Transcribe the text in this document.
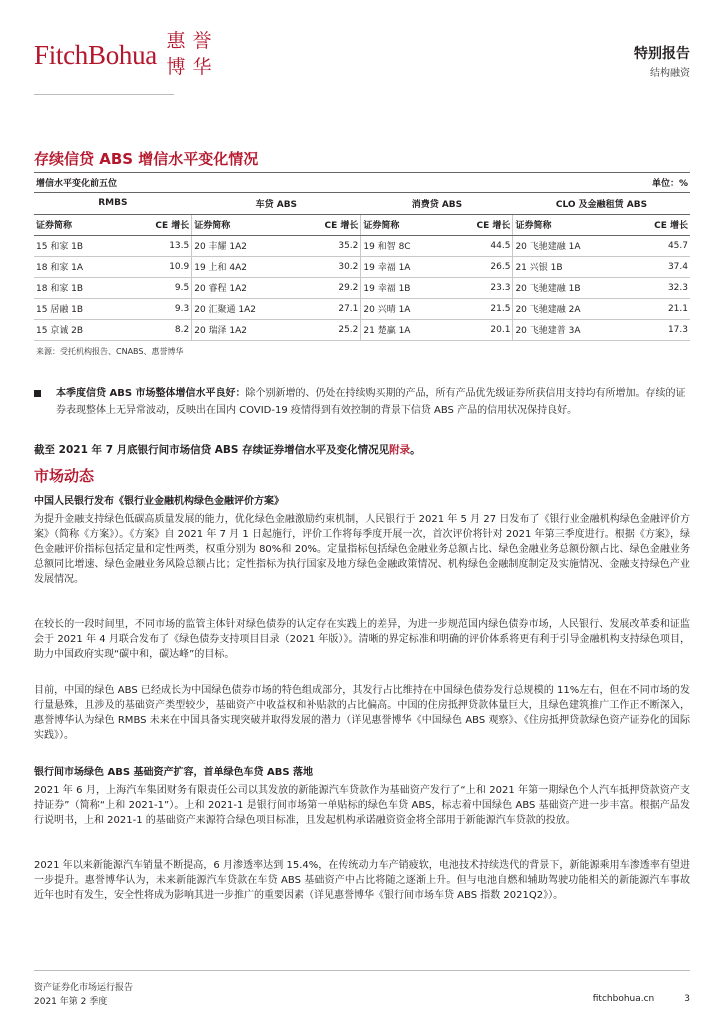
FitchBohua 惠 誉
博 华
特别报告
结构融资
存续信贷 ABS 增信水平变化情况
增信水平变化前五位	单位：%
RMBS		车贷 ABS		消费贷 ABS		CLO 及金融租赁 ABS	
证券简称	CE 增长	证券简称	CE 增长	证券简称	CE 增长	证券简称	CE 增长
15 和家 1B	13.5	20 丰耀 1A2	35.2	19 和智 8C	44.5	20 飞驰建融 1A	45.7
18 和家 1A	10.9	19 上和 4A2	30.2	19 幸福 1A	26.5	21 兴银 1B	37.4
18 和家 1B	9.5	20 睿程 1A2	29.2	19 幸福 1B	23.3	20 飞驰建融 1B	32.3
15 居融 1B	9.3	20 汇聚通 1A2	27.1	20 兴晴 1A	21.5	20 飞驰建融 2A	21.1
15 京诚 2B	8.2	20 瑞泽 1A2	25.2	21 楚赢 1A	20.1	20 飞驰建普 3A	17.3
来源：受托机构报告、CNABS、惠誉博华

本季度信贷 ABS 市场整体增信水平良好：除个别新增的、仍处在持续购买期的产品，所有产品优先级证券所获信用支持均有所增加。存续的证券表现整体上无异常波动，反映出在国内 COVID-19 疫情得到有效控制的背景下信贷 ABS 产品的信用状况保持良好。

截至 2021 年 7 月底银行间市场信贷 ABS 存续证券增信水平及变化情况见附录。
市场动态
中国人民银行发布《银行业金融机构绿色金融评价方案》
为提升金融支持绿色低碳高质量发展的能力，优化绿色金融激励约束机制，人民银行于 2021 年 5 月 27 日发布了《银行业金融机构绿色金融评价方案》（简称《方案》）。《方案》自 2021 年 7 月 1 日起施行，评价工作将每季度开展一次，首次评价将针对 2021 年第三季度进行。根据《方案》，绿色金融评价指标包括定量和定性两类，权重分别为 80%和 20%。定量指标包括绿色金融业务总额占比、绿色金融业务总额份额占比、绿色金融业务总额同比增速、绿色金融业务风险总额占比；定性指标为执行国家及地方绿色金融政策情况、机构绿色金融制度制定及实施情况、金融支持绿色产业发展情况。
在较长的一段时间里，不同市场的监管主体针对绿色债券的认定存在实践上的差异，为进一步规范国内绿色债券市场，人民银行、发展改革委和证监会于 2021 年 4 月联合发布了《绿色债券支持项目目录（2021 年版）》。清晰的界定标准和明确的评价体系将更有利于引导金融机构支持绿色项目，助力中国政府实现“碳中和，碳达峰”的目标。
目前，中国的绿色 ABS 已经成长为中国绿色债券市场的特色组成部分，其发行占比维持在中国绿色债券发行总规模的 11%左右，但在不同市场的发行量悬殊，且涉及的基础资产类型较少，基础资产中收益权和补贴款的占比偏高。中国的住房抵押贷款体量巨大，且绿色建筑推广工作正不断深入，惠誉博华认为绿色 RMBS 未来在中国具备实现突破并取得发展的潜力（详见惠誉博华《中国绿色 ABS 观察》、《住房抵押贷款绿色资产证券化的国际实践》）。
银行间市场绿色 ABS 基础资产扩容，首单绿色车贷 ABS 落地
2021 年 6 月，上海汽车集团财务有限责任公司以其发放的新能源汽车贷款作为基础资产发行了“上和 2021 年第一期绿色个人汽车抵押贷款资产支持证券”（简称“上和 2021-1”）。上和 2021-1 是银行间市场第一单贴标的绿色车贷 ABS，标志着中国绿色 ABS 基础资产进一步丰富。根据产品发行说明书，上和 2021-1 的基础资产来源符合绿色项目标准，且发起机构承诺融资资金将全部用于新能源汽车贷款的投放。
2021 年以来新能源汽车销量不断提高，6 月渗透率达到 15.4%，在传统动力车产销疲软，电池技术持续迭代的背景下，新能源乘用车渗透率有望进一步提升。惠誉博华认为，未来新能源汽车贷款在车贷 ABS 基础资产中占比将随之逐渐上升。但与电池自燃和辅助驾驶功能相关的新能源汽车事故近年也时有发生，安全性将成为影响其进一步推广的重要因素（详见惠誉博华《银行间市场车贷 ABS 指数 2021Q2》）。
资产证券化市场运行报告
2021 年第 2 季度	fitchbohua.cn	3
